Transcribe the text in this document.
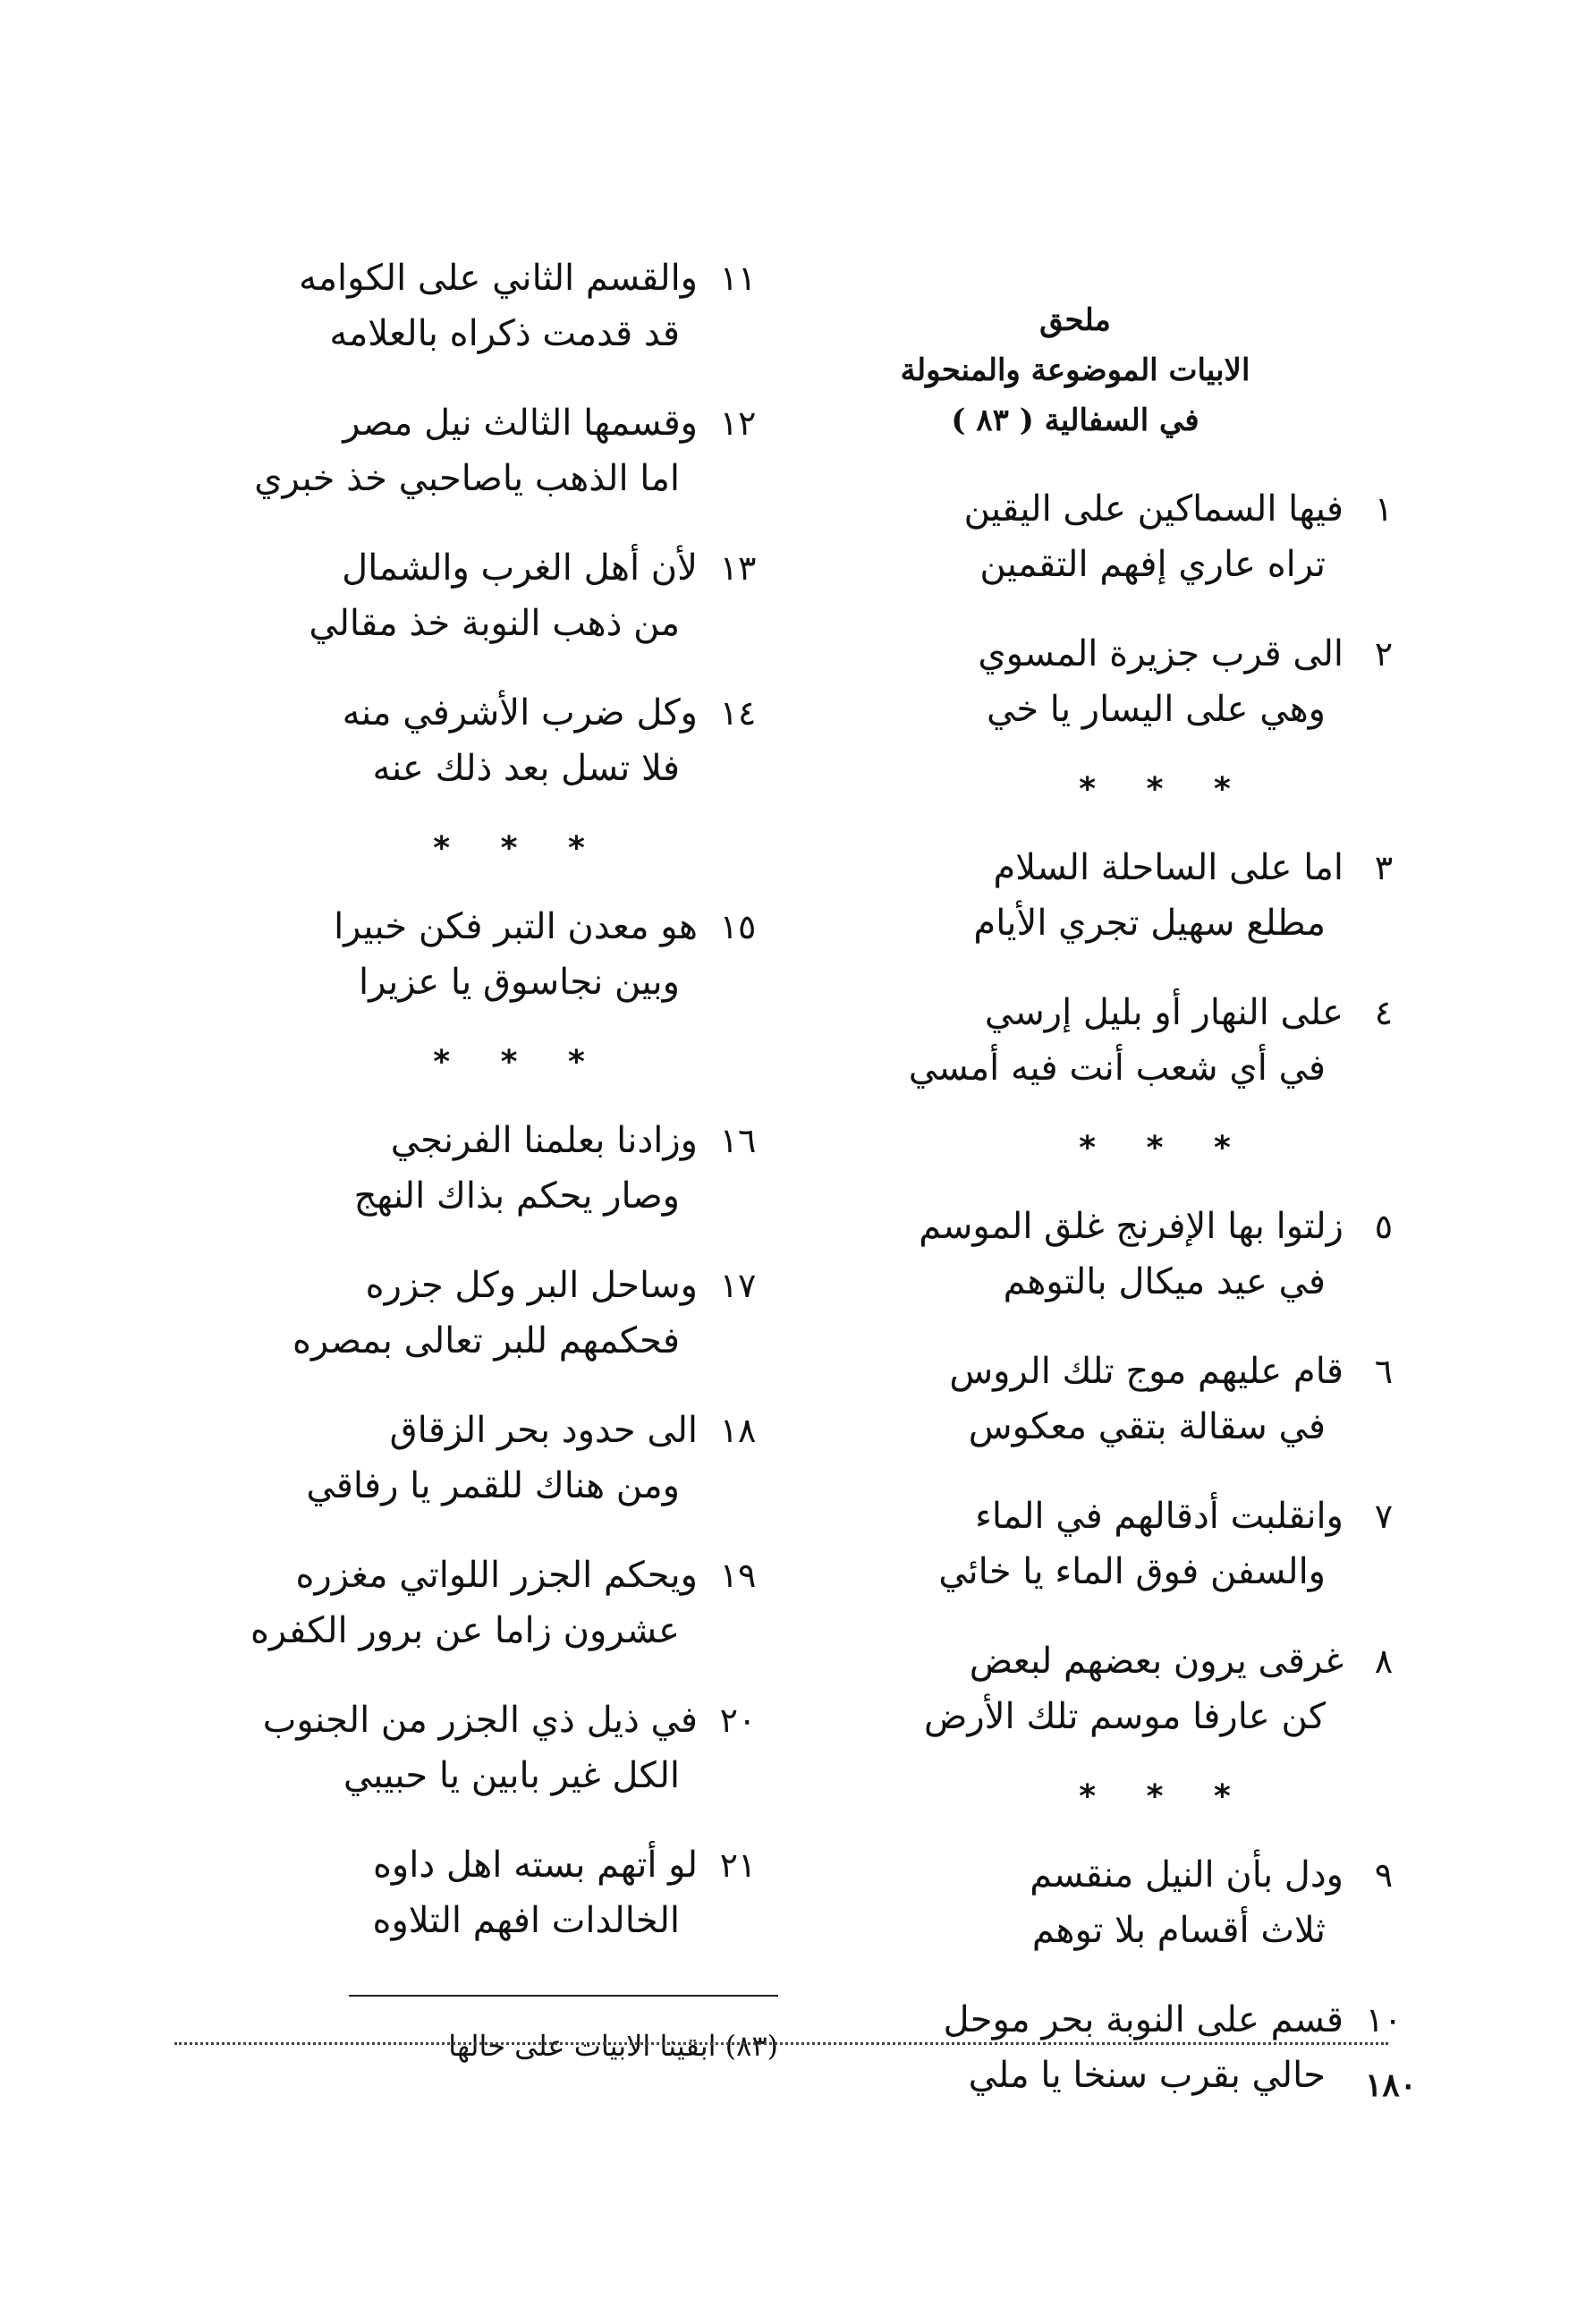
ملحق
الابيات الموضوعة والمنحولة
في السفالية ( ٨٣ )
١
فيها السماكين على اليقين
تراه عاري إفهم التقمين
٢
الى قرب جزيرة المسوي
وهي على اليسار يا خي
* * *
٣
اما على الساحلة السلام
مطلع سهيل تجري الأيام
٤
على النهار أو بليل إرسي
في أي شعب أنت فيه أمسي
* * *
٥
زلتوا بها الإفرنج غلق الموسم
في عيد ميكال بالتوهم
٦
قام عليهم موج تلك الروس
في سقالة بتقي معكوس
٧
وانقلبت أدقالهم في الماء
والسفن فوق الماء يا خائي
٨
غرقى يرون بعضهم لبعض
كن عارفا موسم تلك الأرض
* * *
٩
ودل بأن النيل منقسم
ثلاث أقسام بلا توهم
١٠
قسم على النوبة بحر موحل
حالي بقرب سنخا يا ملي
١١
والقسم الثاني على الكوامه
قد قدمت ذكراه بالعلامه
١٢
وقسمها الثالث نيل مصر
اما الذهب ياصاحبي خذ خبري
١٣
لأن أهل الغرب والشمال
من ذهب النوبة خذ مقالي
١٤
وكل ضرب الأشرفي منه
فلا تسل بعد ذلك عنه
* * *
١٥
هو معدن التبر فكن خبيرا
وبين نجاسوق يا عزيرا
* * *
١٦
وزادنا بعلمنا الفرنجي
وصار يحكم بذاك النهج
١٧
وساحل البر وكل جزره
فحكمهم للبر تعالى بمصره
١٨
الى حدود بحر الزقاق
ومن هناك للقمر يا رفاقي
١٩
ويحكم الجزر اللواتي مغزره
عشرون زاما عن برور الكفره
٢٠
في ذيل ذي الجزر من الجنوب
الكل غير بابين يا حبيبي
٢١
لو أتهم بسته اهل داوه
الخالدات افهم التلاوه
(٨٣) ابقينا الابيات على حالها
١٨٠
